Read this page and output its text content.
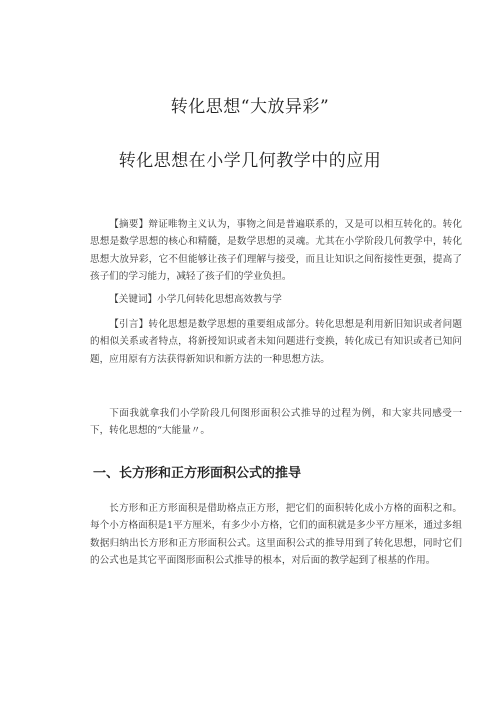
转化思想“大放异彩”
转化思想在小学几何教学中的应用

【摘要】辩证唯物主义认为，事物之间是普遍联系的，又是可以相互转化的。转化思想是数学思想的核心和精髓，是数学思想的灵魂。尤其在小学阶段几何教学中，转化思想大放异彩，它不但能够让孩子们理解与接受，而且让知识之间衔接性更强，提高了孩子们的学习能力，减轻了孩子们的学业负担。

【关键词】小学几何转化思想高效教与学

【引言】转化思想是数学思想的重要组成部分。转化思想是利用新旧知识或者问题的相似关系或者特点，将新授知识或者未知问题进行变换，转化成已有知识或者已知问题，应用原有方法获得新知识和新方法的一种思想方法。

下面我就拿我们小学阶段几何图形面积公式推导的过程为例，和大家共同感受一下，转化思想的“大能量〃。

一、长方形和正方形面积公式的推导

长方形和正方形面积是借助格点正方形，把它们的面积转化成小方格的面积之和。每个小方格面积是1平方厘米，有多少小方格，它们的面积就是多少平方厘米，通过多组数据归纳出长方形和正方形面积公式。这里面积公式的推导用到了转化思想，同时它们的公式也是其它平面图形面积公式推导的根本，对后面的教学起到了根基的作用。
